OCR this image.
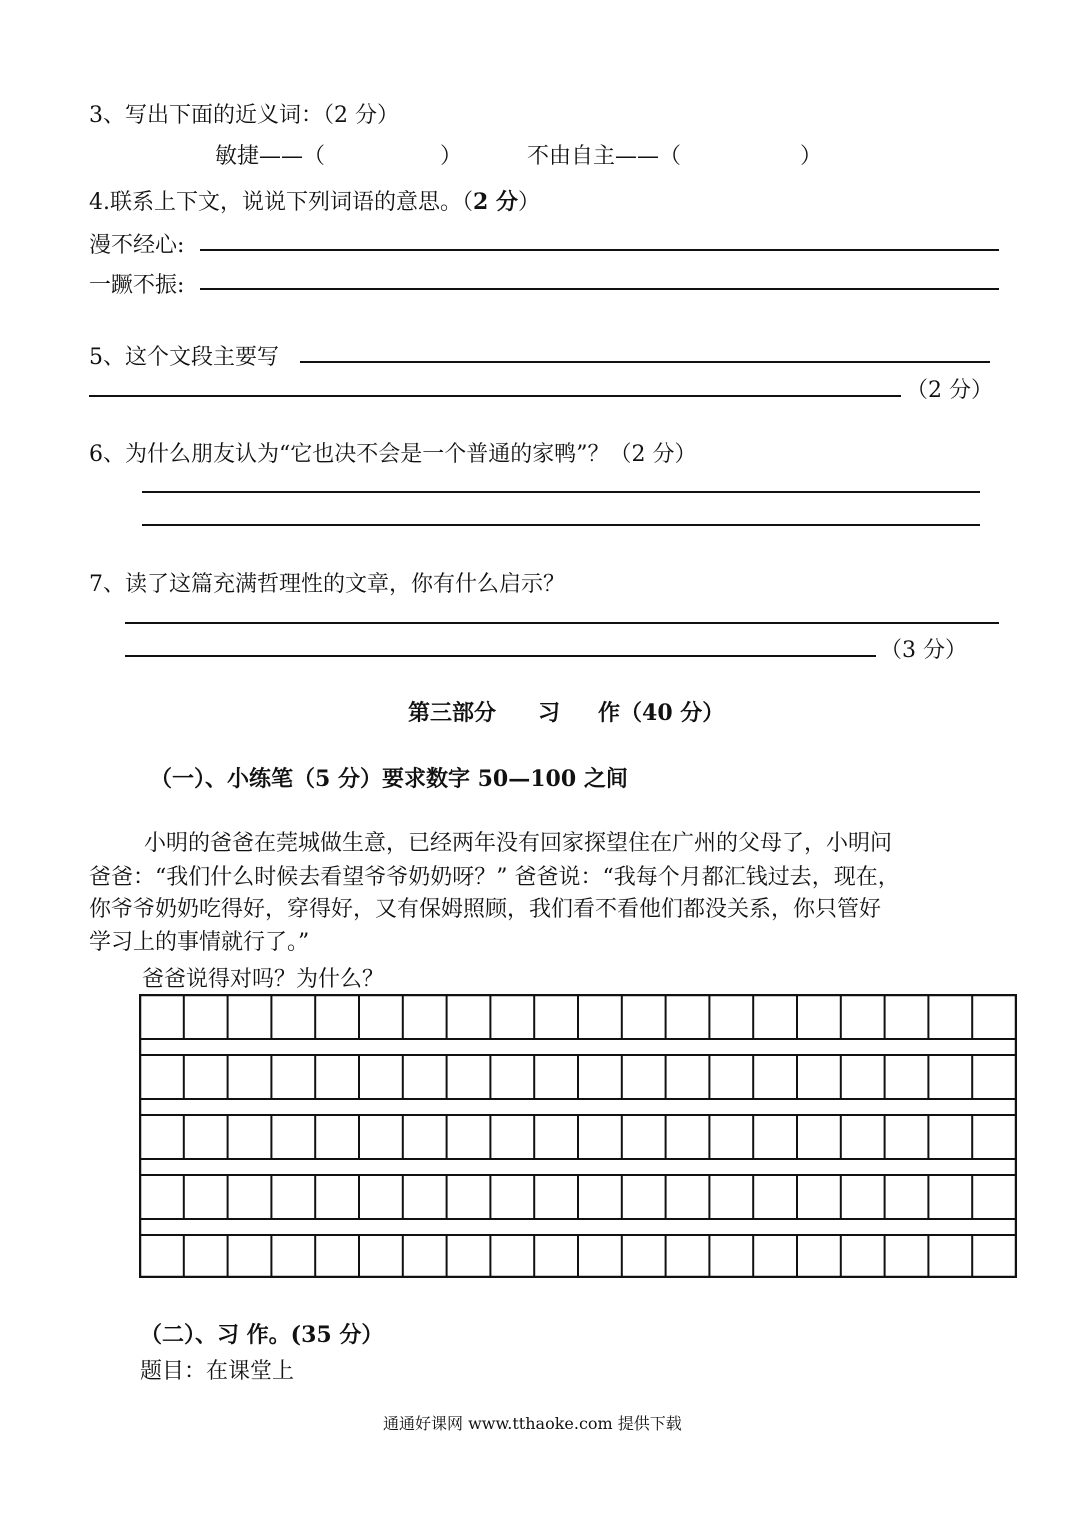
3、写出下面的近义词：（2 分）
敏捷——（	）	不由自主——（	）
4.联系上下文，说说下列词语的意思。（2 分）
漫不经心:
一蹶不振:
5、这个文段主要写
（2 分）
6、为什么朋友认为“它也决不会是一个普通的家鸭”？（2 分）
7、读了这篇充满哲理性的文章，你有什么启示？
（3 分）
第三部分 习 作（40 分）
（一）、小练笔（5 分）要求数字 50—100 之间
小明的爸爸在莞城做生意，已经两年没有回家探望住在广州的父母了，小明问
爸爸：“我们什么时候去看望爷爷奶奶呀？” 爸爸说：“我每个月都汇钱过去，现在，
你爷爷奶奶吃得好，穿得好，又有保姆照顾，我们看不看他们都没关系，你只管好
学习上的事情就行了。”
爸爸说得对吗？为什么？
（二）、习 作。(35 分）
题目：在课堂上
通通好课网 www.tthaoke.com 提供下载
